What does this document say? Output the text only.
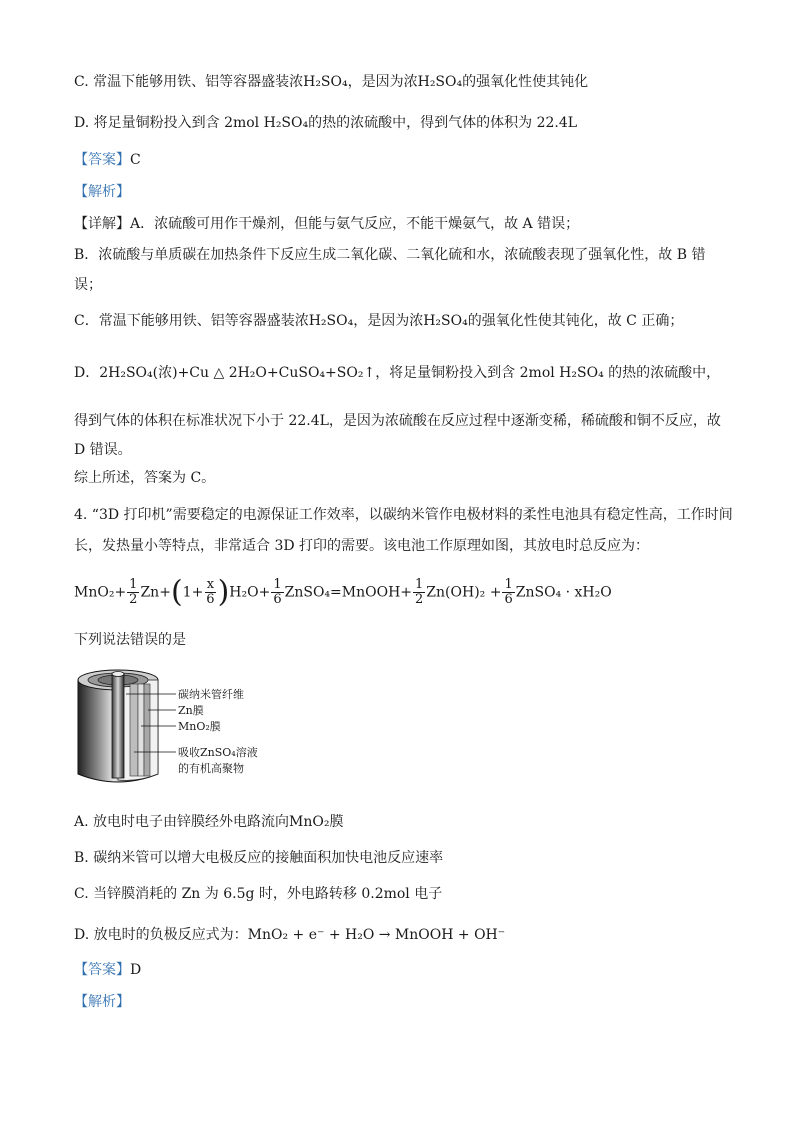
C. 常温下能够用铁、铝等容器盛装浓H₂SO₄，是因为浓H₂SO₄的强氧化性使其钝化
D. 将足量铜粉投入到含 2mol H₂SO₄的热的浓硫酸中，得到气体的体积为 22.4L
【答案】C
【解析】
【详解】A．浓硫酸可用作干燥剂，但能与氨气反应，不能干燥氨气，故 A 错误；
B．浓硫酸与单质碳在加热条件下反应生成二氧化碳、二氧化硫和水，浓硫酸表现了强氧化性，故 B 错
误；
C．常温下能够用铁、铝等容器盛装浓H₂SO₄，是因为浓H₂SO₄的强氧化性使其钝化，故 C 正确；
D．2H₂SO₄(浓)+Cu △ 2H₂O+CuSO₄+SO₂↑，将足量铜粉投入到含 2mol H₂SO₄ 的热的浓硫酸中，
得到气体的体积在标准状况下小于 22.4L，是因为浓硫酸在反应过程中逐渐变稀，稀硫酸和铜不反应，故
D 错误。
综上所述，答案为 C。
4. “3D 打印机”需要稳定的电源保证工作效率，以碳纳米管作电极材料的柔性电池具有稳定性高，工作时间
长，发热量小等特点，非常适合 3D 打印的需要。该电池工作原理如图，其放电时总反应为：
$MnO_2+ \frac{1}{2} Zn+(1+ \frac{x}{6} )H_2O+ \frac{1}{6}$ ZnSO₄=MnOOH+ $\frac{1}{2} Zn(OH)_2 + \frac{1}{6}$ ZnSO₄ · xH₂O
下列说法错误的是
碳纳米管纤维
Zn膜
MnO₂膜
吸收ZnSO₄溶液
的有机高聚物
A. 放电时电子由锌膜经外电路流向MnO₂膜
B. 碳纳米管可以增大电极反应的接触面积加快电池反应速率
C. 当锌膜消耗的 Zn 为 6.5g 时，外电路转移 0.2mol 电子
D. 放电时的负极反应式为：MnO₂ + e⁻ + H₂O → MnOOH + OH⁻
【答案】D
【解析】
